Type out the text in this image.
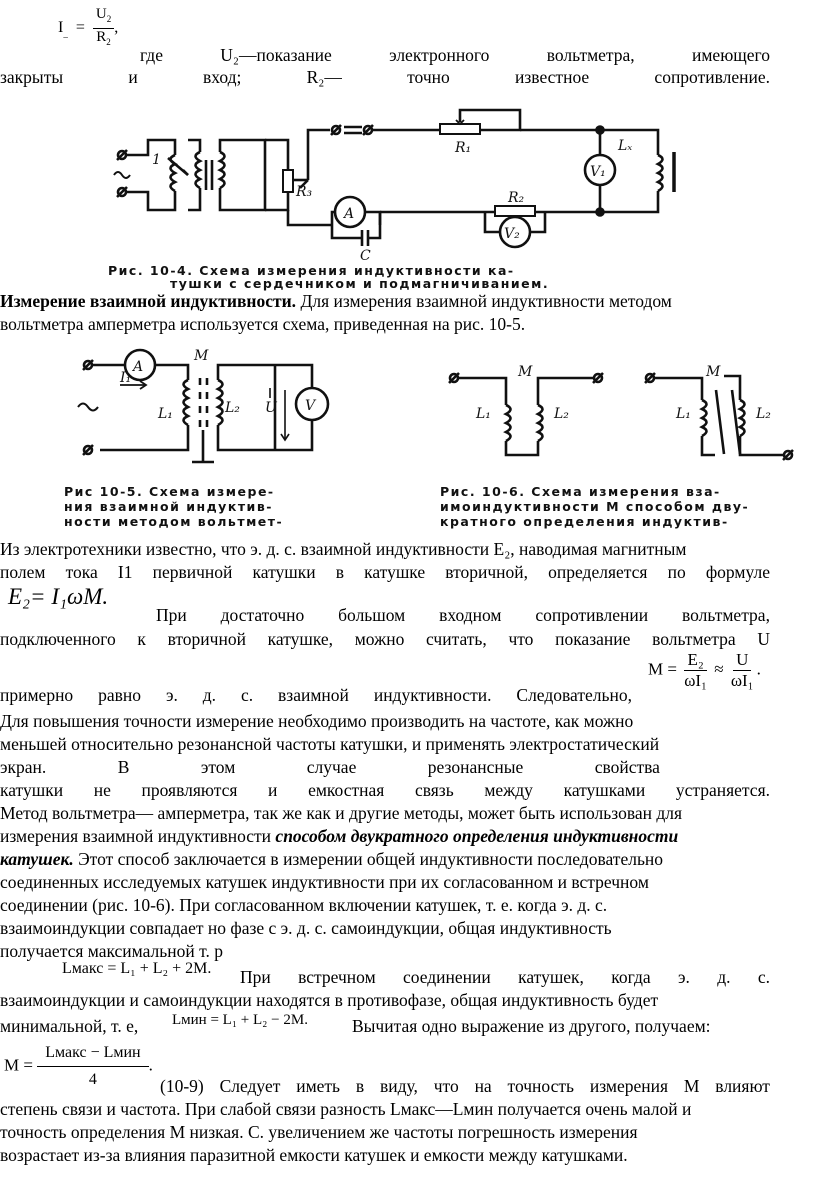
$I_{\_} = \frac{U_2}{R_2}$ ,
где	U₂—показание	электронного	вольтметра,	имеющего
закрыты	и	вход;	R₂—	точно	известное	сопротивление.
1
R₃
R₁
V₁
Lₓ
A
C
R₂
V₂
Рис. 10-4. Схема измерения индуктивности ка-
тушки с сердечником и подмагничиванием.
Измерение взаимной индуктивности. Для измерения взаимной индуктивности методом
вольтметра амперметра используется схема, приведенная на рис. 10-5.
A
I₁
L₁
M
L₂ U V
Рис 10-5. Схема измере-
ния взаимной индуктив-
ности методом вольтмет-
M
L₁	L₂
M
L₁	L₂
Рис. 10-6. Схема измерения вза-
имоиндуктивности М способом дву-
кратного определения индуктив-
Из электротехники известно, что э. д. с. взаимной индуктивности E₂, наводимая магнитным
полем тока I1 первичной катушки в катушке вторичной, определяется по формуле
E₂= I₁ωM.
При достаточно большом входном сопротивлении вольтметра,
подключенного к вторичной катушке, можно считать, что показание вольтметра U
$M = \frac{\text{E₂}}{\text{ωI₁}} \approx \frac{U}{\text{ωI₁}}$ .
примерно равно э. д. с. взаимной индуктивности. Следовательно,
Для повышения точности измерение необходимо производить на частоте, как можно
меньшей относительно резонансной частоты катушки, и применять электростатический
экран.	В	этом	случае	резонансные	свойства
катушки не проявляются и емкостная связь между катушками устраняется.
Метод вольтметра— амперметра, так же как и другие методы, может быть использован для
измерения взаимной индуктивности способом двукратного определения индуктивности
катушек. Этот способ заключается в измерении общей индуктивности последовательно
соединенных исследуемых катушек индуктивности при их согласованном и встречном
соединении (рис. 10-6). При согласованном включении катушек, т. е. когда э. д. с.
взаимоиндукции совпадает но фазе с э. д. с. самоиндукции, общая индуктивность
получается максимальной т. р
Lмакс = L₁ + L₂ + 2M. При встречном соединении катушек, когда э. д. с.
взаимоиндукции и самоиндукции находятся в противофазе, общая индуктивность будет
минимальной, т. е, Lмин = L₁ + L₂ − 2M.	Вычитая одно выражение из другого, получаем:
$M = \frac{\text{Lмакс − Lмин}}{4}$ .
(10-9) Следует иметь в виду, что на точность измерения М влияют
степень связи и частота. При слабой связи разность Lмакс—Lмин получается очень малой и
точность определения М низкая. С. увеличением же частоты погрешность измерения
возрастает из-за влияния паразитной емкости катушек и емкости между катушками.
